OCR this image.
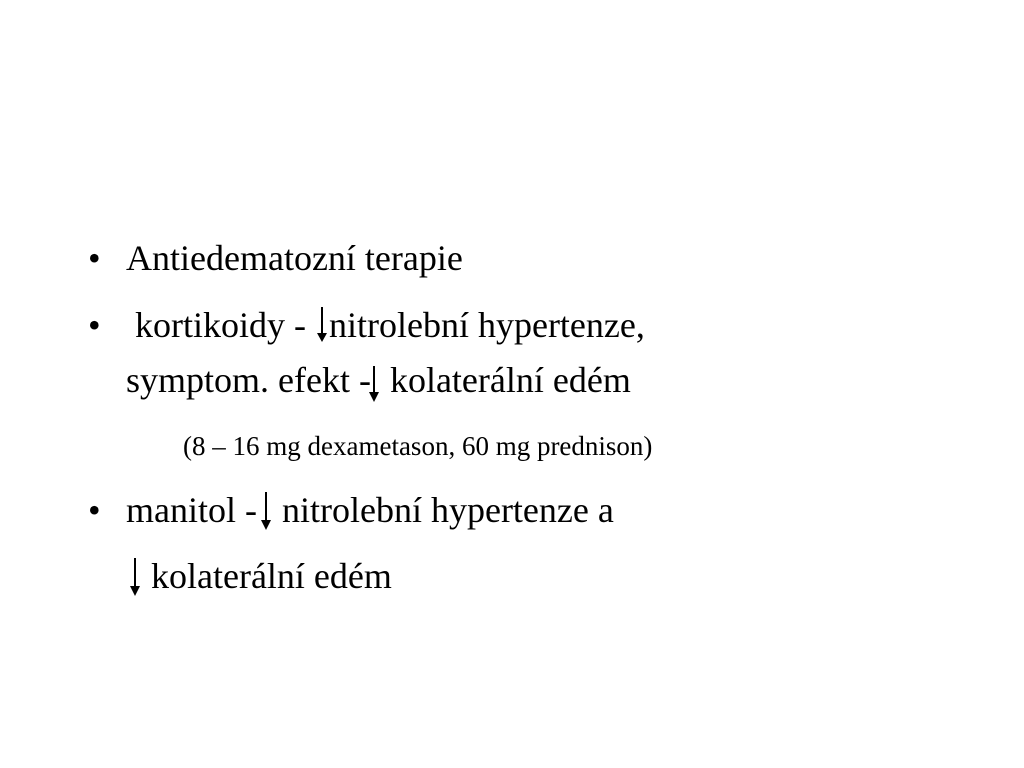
• Antiedematozní terapie
• kortikoidy -
nitrolební hypertenze,
symptom. efekt -
kolaterální edém
(8 – 16 mg dexametason, 60 mg prednison)
• manitol -
nitrolební hypertenze a
kolaterální edém
